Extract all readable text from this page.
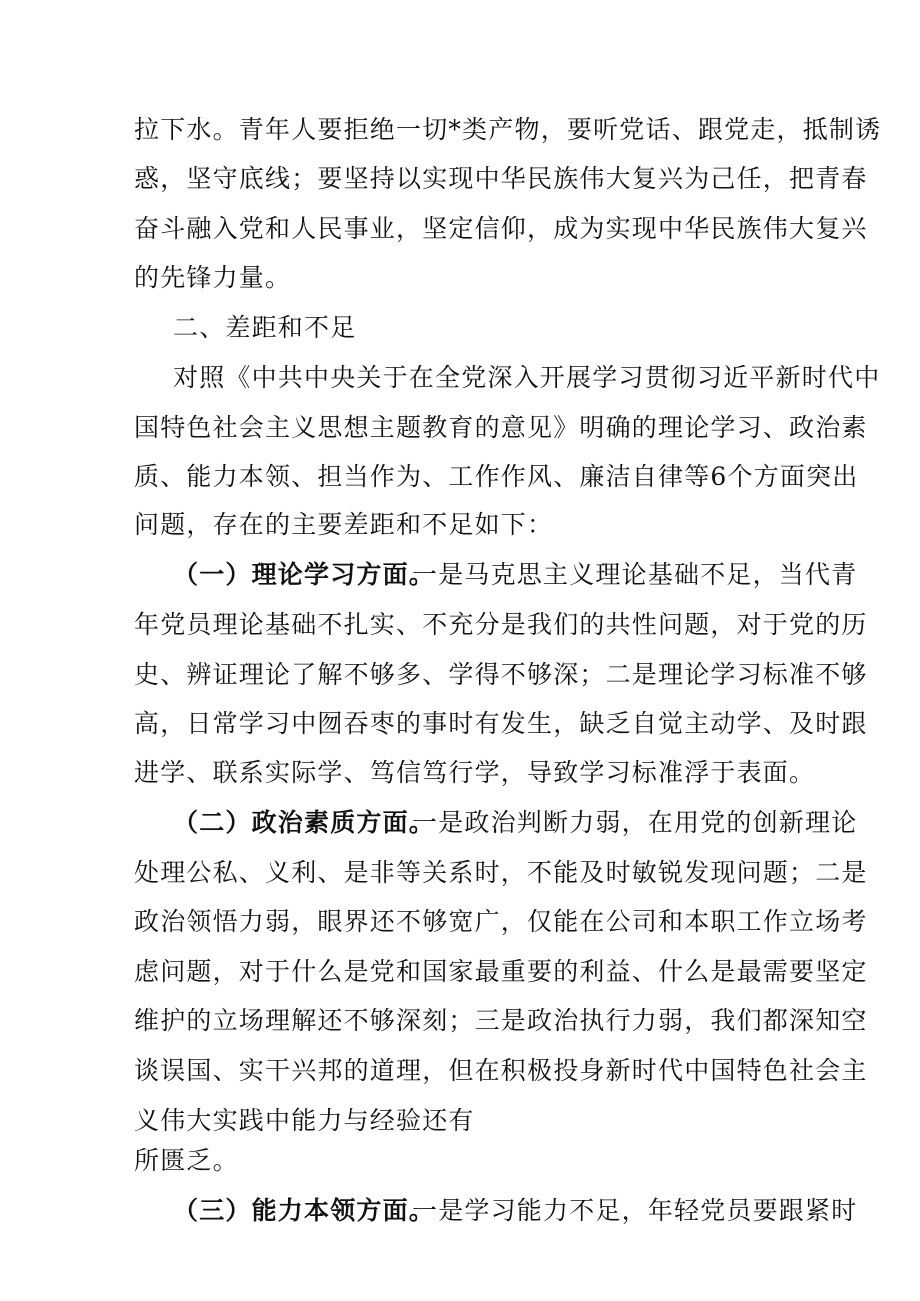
拉下水。青年人要拒绝一切*类产物，要听党话、跟党走，抵制诱
惑，坚守底线；要坚持以实现中华民族伟大复兴为己任，把青春
奋斗融入党和人民事业，坚定信仰，成为实现中华民族伟大复兴
的先锋力量。
二、差距和不足
对照《中共中央关于在全党深入开展学习贯彻习近平新时代中
国特色社会主义思想主题教育的意见》明确的理论学习、政治素
质、能力本领、担当作为、工作作风、廉洁自律等6个方面突出
问题，存在的主要差距和不足如下：
（一）理论学习方面。
一是马克思主义理论基础不足，当代青
年党员理论基础不扎实、不充分是我们的共性问题，对于党的历
史、辨证理论了解不够多、学得不够深；二是理论学习标准不够
高，日常学习中囫吞枣的事时有发生，缺乏自觉主动学、及时跟
进学、联系实际学、笃信笃行学，导致学习标准浮于表面。
（二）政治素质方面。
一是政治判断力弱，在用党的创新理论
处理公私、义利、是非等关系时，不能及时敏锐发现问题；二是
政治领悟力弱，眼界还不够宽广，仅能在公司和本职工作立场考
虑问题，对于什么是党和国家最重要的利益、什么是最需要坚定
维护的立场理解还不够深刻；三是政治执行力弱，我们都深知空
谈误国、实干兴邦的道理，但在积极投身新时代中国特色社会主
义伟大实践中能力与经验还有
所匮乏。
（三）能力本领方面。
一是学习能力不足，年轻党员要跟紧时
